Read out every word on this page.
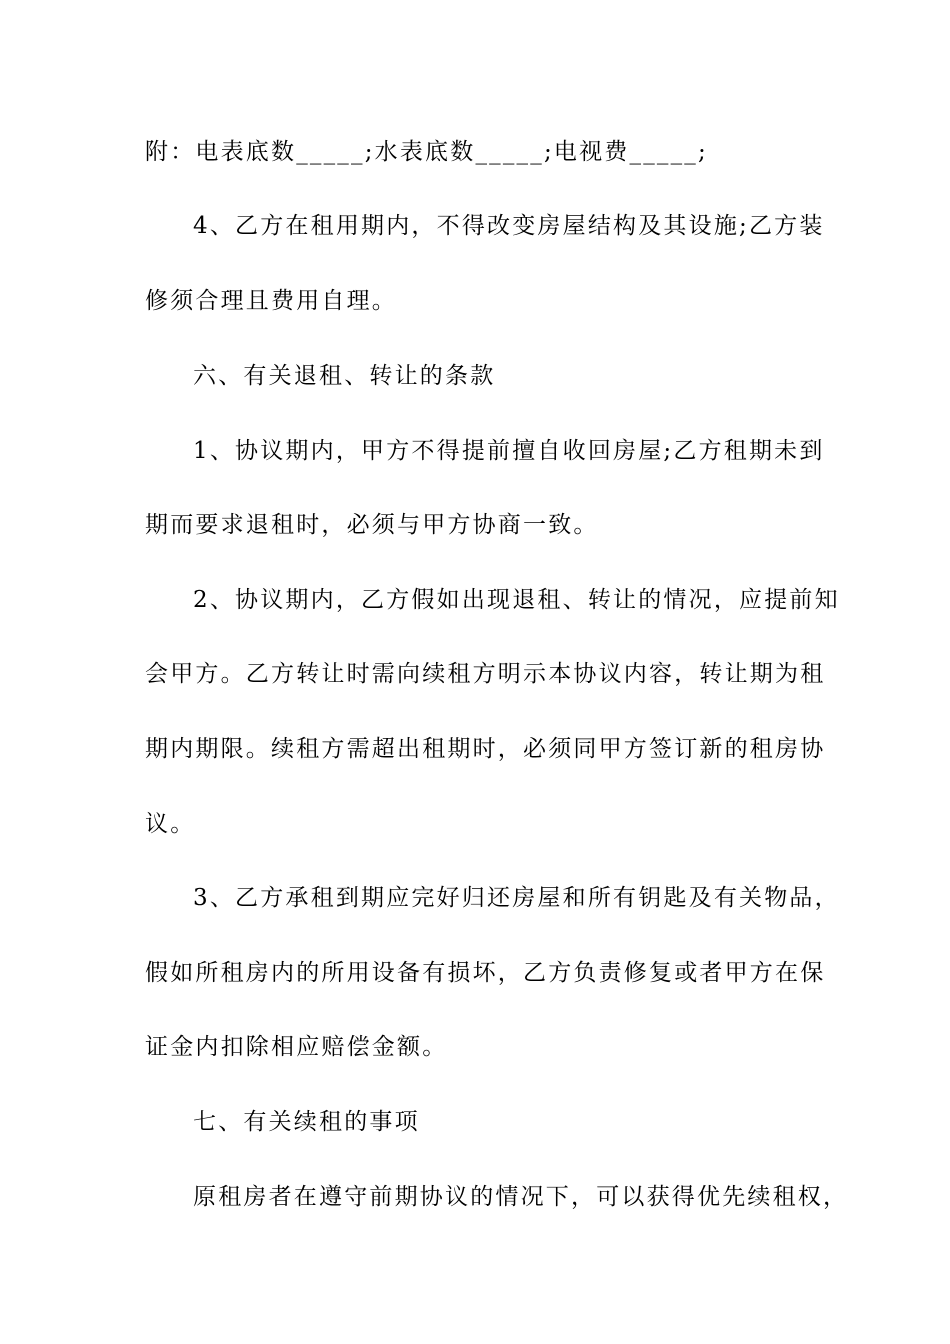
附：电表底数_____;水表底数_____;电视费_____;
4、乙方在租用期内，不得改变房屋结构及其设施;乙方装
修须合理且费用自理。
六、有关退租、转让的条款
1、协议期内，甲方不得提前擅自收回房屋;乙方租期未到
期而要求退租时，必须与甲方协商一致。
2、协议期内，乙方假如出现退租、转让的情况，应提前知
会甲方。乙方转让时需向续租方明示本协议内容，转让期为租
期内期限。续租方需超出租期时，必须同甲方签订新的租房协
议。
3、乙方承租到期应完好归还房屋和所有钥匙及有关物品，
假如所租房内的所用设备有损坏，乙方负责修复或者甲方在保
证金内扣除相应赔偿金额。
七、有关续租的事项
原租房者在遵守前期协议的情况下，可以获得优先续租权，
